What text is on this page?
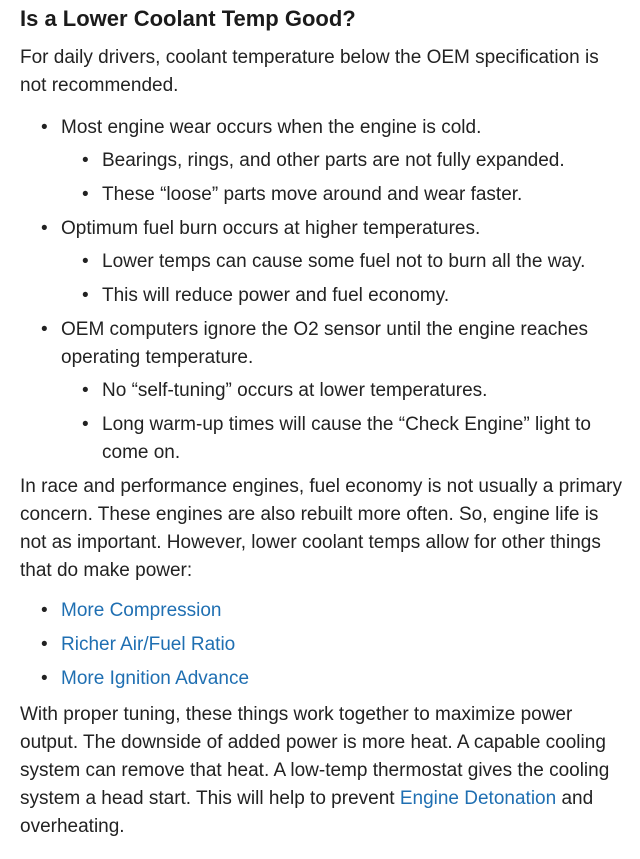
Is a Lower Coolant Temp Good?

For daily drivers, coolant temperature below the OEM specification is not recommended.

• Most engine wear occurs when the engine is cold.
• Bearings, rings, and other parts are not fully expanded.
• These “loose” parts move around and wear faster.
• Optimum fuel burn occurs at higher temperatures.
• Lower temps can cause some fuel not to burn all the way.
• This will reduce power and fuel economy.
• OEM computers ignore the O2 sensor until the engine reaches operating temperature.
• No “self-tuning” occurs at lower temperatures.
• Long warm-up times will cause the “Check Engine” light to come on.

In race and performance engines, fuel economy is not usually a primary concern. These engines are also rebuilt more often. So, engine life is not as important. However, lower coolant temps allow for other things that do make power:

• More Compression
• Richer Air/Fuel Ratio
• More Ignition Advance

With proper tuning, these things work together to maximize power output. The downside of added power is more heat. A capable cooling system can remove that heat. A low-temp thermostat gives the cooling system a head start. This will help to prevent Engine Detonation and overheating.
